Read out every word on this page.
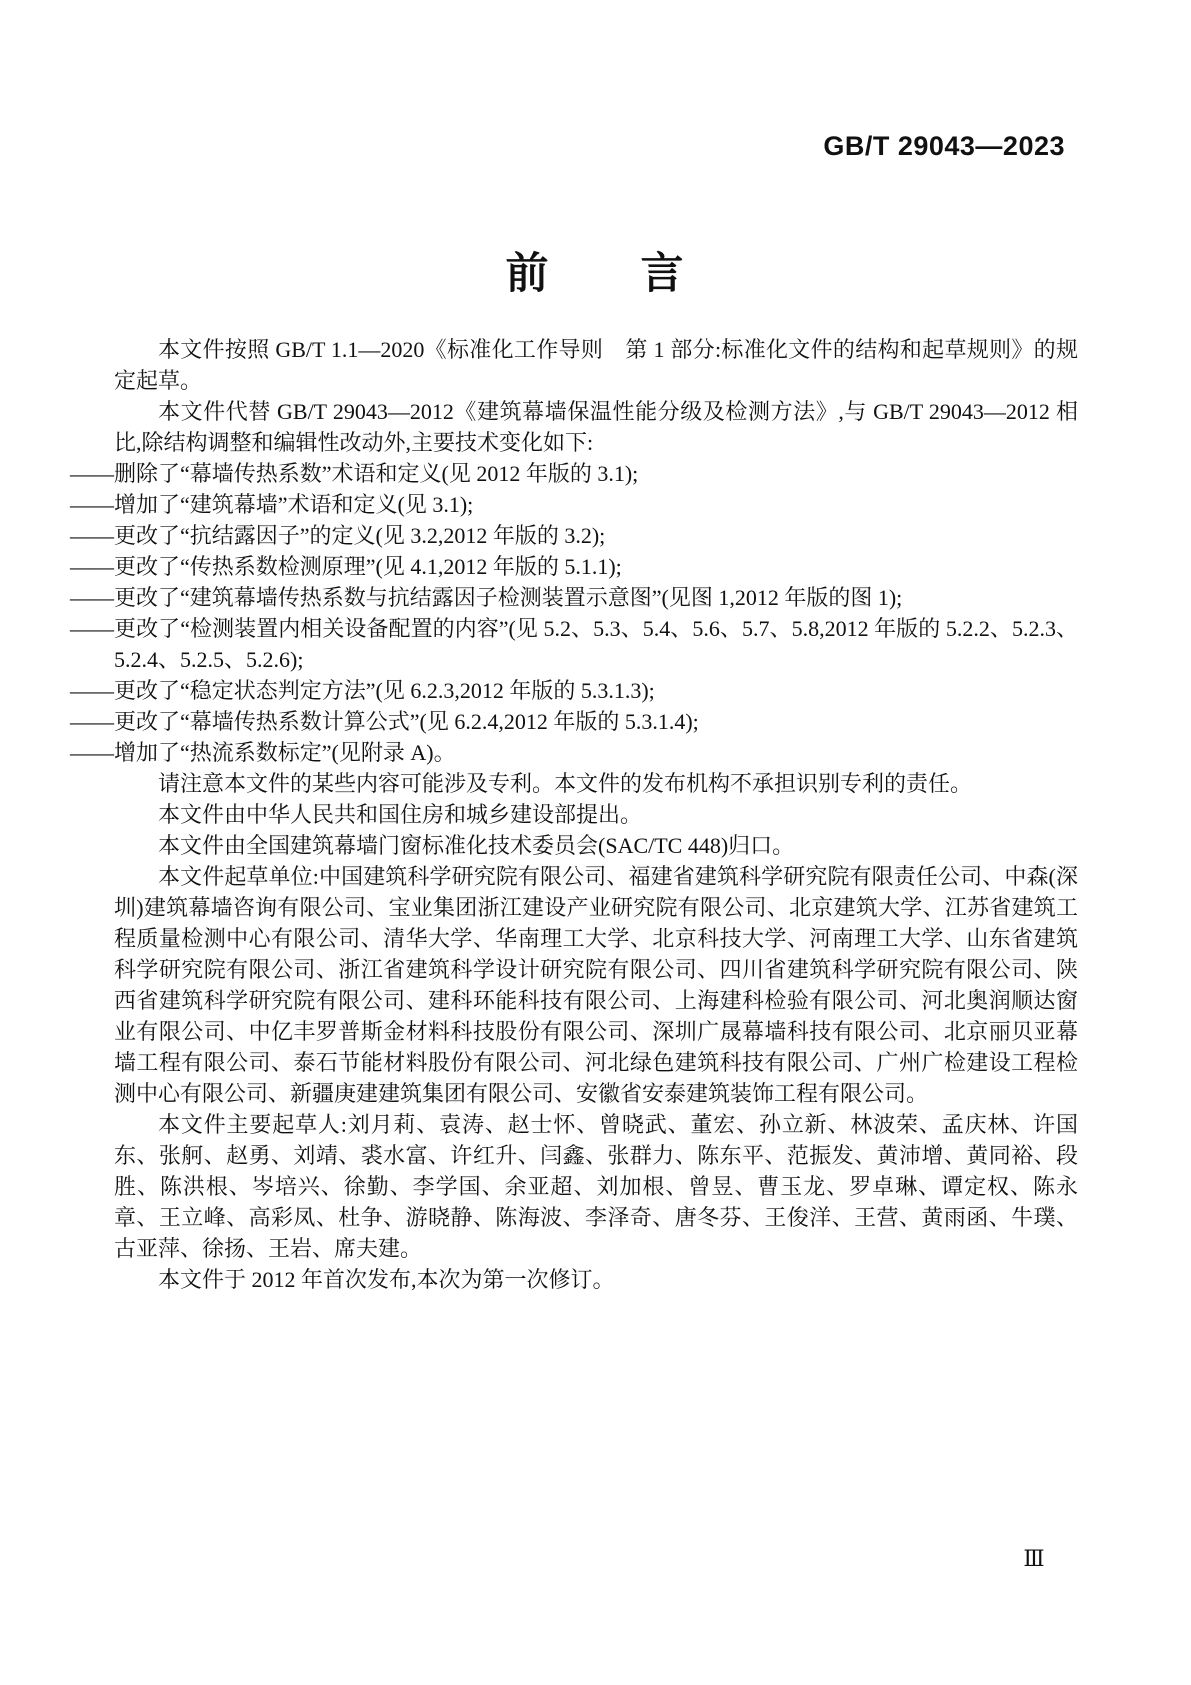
GB/T 29043—2023
前　　言

本文件按照 GB/T 1.1—2020《标准化工作导则　第 1 部分:标准化文件的结构和起草规则》的规定起草。

本文件代替 GB/T 29043—2012《建筑幕墙保温性能分级及检测方法》,与 GB/T 29043—2012 相比,除结构调整和编辑性改动外,主要技术变化如下:

——删除了“幕墙传热系数”术语和定义(见 2012 年版的 3.1);

——增加了“建筑幕墙”术语和定义(见 3.1);

——更改了“抗结露因子”的定义(见 3.2,2012 年版的 3.2);

——更改了“传热系数检测原理”(见 4.1,2012 年版的 5.1.1);

——更改了“建筑幕墙传热系数与抗结露因子检测装置示意图”(见图 1,2012 年版的图 1);

——更改了“检测装置内相关设备配置的内容”(见 5.2、5.3、5.4、5.6、5.7、5.8,2012 年版的 5.2.2、5.2.3、5.2.4、5.2.5、5.2.6);

——更改了“稳定状态判定方法”(见 6.2.3,2012 年版的 5.3.1.3);

——更改了“幕墙传热系数计算公式”(见 6.2.4,2012 年版的 5.3.1.4);

——增加了“热流系数标定”(见附录 A)。

请注意本文件的某些内容可能涉及专利。本文件的发布机构不承担识别专利的责任。

本文件由中华人民共和国住房和城乡建设部提出。

本文件由全国建筑幕墙门窗标准化技术委员会(SAC/TC 448)归口。

本文件起草单位:中国建筑科学研究院有限公司、福建省建筑科学研究院有限责任公司、中森(深圳)建筑幕墙咨询有限公司、宝业集团浙江建设产业研究院有限公司、北京建筑大学、江苏省建筑工程质量检测中心有限公司、清华大学、华南理工大学、北京科技大学、河南理工大学、山东省建筑科学研究院有限公司、浙江省建筑科学设计研究院有限公司、四川省建筑科学研究院有限公司、陕西省建筑科学研究院有限公司、建科环能科技有限公司、上海建科检验有限公司、河北奥润顺达窗业有限公司、中亿丰罗普斯金材料科技股份有限公司、深圳广晟幕墙科技有限公司、北京丽贝亚幕墙工程有限公司、泰石节能材料股份有限公司、河北绿色建筑科技有限公司、广州广检建设工程检测中心有限公司、新疆庚建建筑集团有限公司、安徽省安泰建筑装饰工程有限公司。

本文件主要起草人:刘月莉、袁涛、赵士怀、曾晓武、董宏、孙立新、林波荣、孟庆林、许国东、张舸、赵勇、刘靖、裘水富、许红升、闫鑫、张群力、陈东平、范振发、黄沛增、黄同裕、段胜、陈洪根、岑培兴、徐勤、李学国、余亚超、刘加根、曾昱、曹玉龙、罗卓琳、谭定权、陈永章、王立峰、高彩凤、杜争、游晓静、陈海波、李泽奇、唐冬芬、王俊洋、王营、黄雨函、牛璞、古亚萍、徐扬、王岩、席夫建。

本文件于 2012 年首次发布,本次为第一次修订。

Ⅲ
